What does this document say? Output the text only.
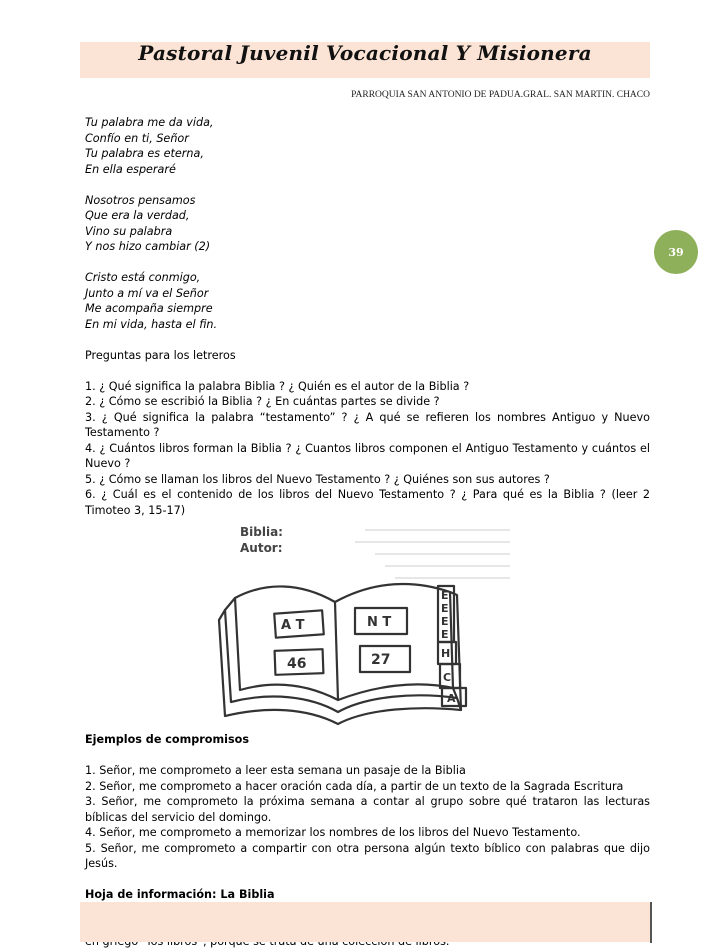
Pastoral Juvenil Vocacional Y Misionera
PARROQUIA SAN ANTONIO DE PADUA.GRAL. SAN MARTIN. CHACO
39

Tu palabra me da vida,

Confío en ti, Señor

Tu palabra es eterna,

En ella esperaré

Nosotros pensamos

Que era la verdad,

Vino su palabra

Y nos hizo cambiar (2)

Cristo está conmigo,

Junto a mí va el Señor

Me acompaña siempre

En mi vida, hasta el fin.

Preguntas para los letreros

1. ¿ Qué significa la palabra Biblia ? ¿ Quién es el autor de la Biblia ?

2. ¿ Cómo se escribió la Biblia ? ¿ En cuántas partes se divide ?

3. ¿ Qué significa la palabra “testamento” ? ¿ A qué se refieren los nombres Antiguo y Nuevo Testamento ?

4. ¿ Cuántos libros forman la Biblia ? ¿ Cuantos libros componen el Antiguo Testamento y cuántos el Nuevo ?

5. ¿ Cómo se llaman los libros del Nuevo Testamento ? ¿ Quiénes son sus autores ?

6. ¿ Cuál es el contenido de los libros del Nuevo Testamento ? ¿ Para qué es la Biblia ? (leer 2 Timoteo 3, 15-17)

Biblia:
Autor:
A T	N T
46	27
E
E
E
E
H
C
A

Ejemplos de compromisos

1. Señor, me comprometo a leer esta semana un pasaje de la Biblia

2. Señor, me comprometo a hacer oración cada día, a partir de un texto de la Sagrada Escritura

3. Señor, me comprometo la próxima semana a contar al grupo sobre qué trataron las lecturas bíblicas del servicio del domingo.

4. Señor, me comprometo a memorizar los nombres de los libros del Nuevo Testamento.

5. Señor, me comprometo a compartir con otra persona algún texto bíblico con palabras que dijo Jesús.

Hoja de información: La Biblia
